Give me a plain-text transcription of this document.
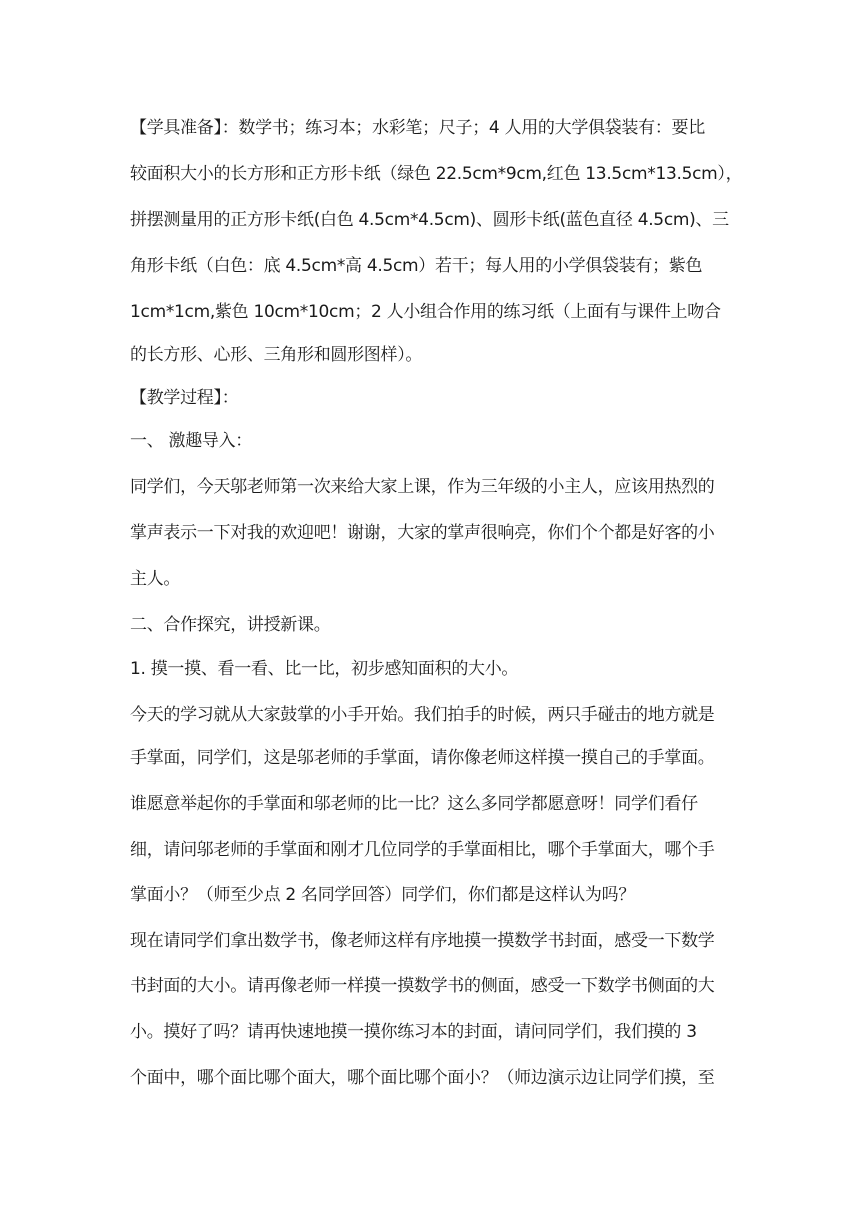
【学具准备】：数学书；练习本；水彩笔；尺子；4 人用的大学俱袋装有：要比
较面积大小的长方形和正方形卡纸（绿色 22.5cm*9cm,红色 13.5cm*13.5cm），
拼摆测量用的正方形卡纸(白色 4.5cm*4.5cm)、圆形卡纸(蓝色直径 4.5cm)、三
角形卡纸（白色：底 4.5cm*高 4.5cm）若干；每人用的小学俱袋装有；紫色
1cm*1cm,紫色 10cm*10cm；2 人小组合作用的练习纸（上面有与课件上吻合
的长方形、心形、三角形和圆形图样）。
【教学过程】：
一、 激趣导入：
同学们，今天邬老师第一次来给大家上课，作为三年级的小主人，应该用热烈的
掌声表示一下对我的欢迎吧！谢谢，大家的掌声很响亮，你们个个都是好客的小
主人。
二、合作探究，讲授新课。
1. 摸一摸、看一看、比一比，初步感知面积的大小。
今天的学习就从大家鼓掌的小手开始。我们拍手的时候，两只手碰击的地方就是
手掌面，同学们，这是邬老师的手掌面，请你像老师这样摸一摸自己的手掌面。
谁愿意举起你的手掌面和邬老师的比一比？这么多同学都愿意呀！同学们看仔
细，请问邬老师的手掌面和刚才几位同学的手掌面相比，哪个手掌面大，哪个手
掌面小？（师至少点 2 名同学回答）同学们，你们都是这样认为吗？
现在请同学们拿出数学书，像老师这样有序地摸一摸数学书封面，感受一下数学
书封面的大小。请再像老师一样摸一摸数学书的侧面，感受一下数学书侧面的大
小。摸好了吗？请再快速地摸一摸你练习本的封面，请问同学们，我们摸的 3
个面中，哪个面比哪个面大，哪个面比哪个面小？（师边演示边让同学们摸，至
